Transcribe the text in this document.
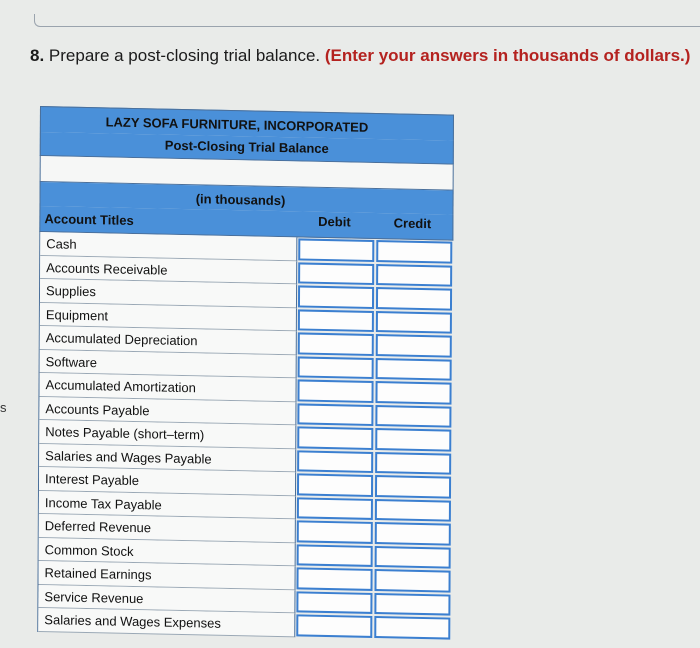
s
8. Prepare a post-closing trial balance. (Enter your answers in thousands of dollars.)
LAZY SOFA FURNITURE, INCORPORATED
Post-Closing Trial Balance
(in thousands)
Account Titles	Debit	Credit
Cash
Accounts Receivable
Supplies
Equipment
Accumulated Depreciation
Software
Accumulated Amortization
Accounts Payable
Notes Payable (short–term)
Salaries and Wages Payable
Interest Payable
Income Tax Payable
Deferred Revenue
Common Stock
Retained Earnings
Service Revenue
Salaries and Wages Expenses
